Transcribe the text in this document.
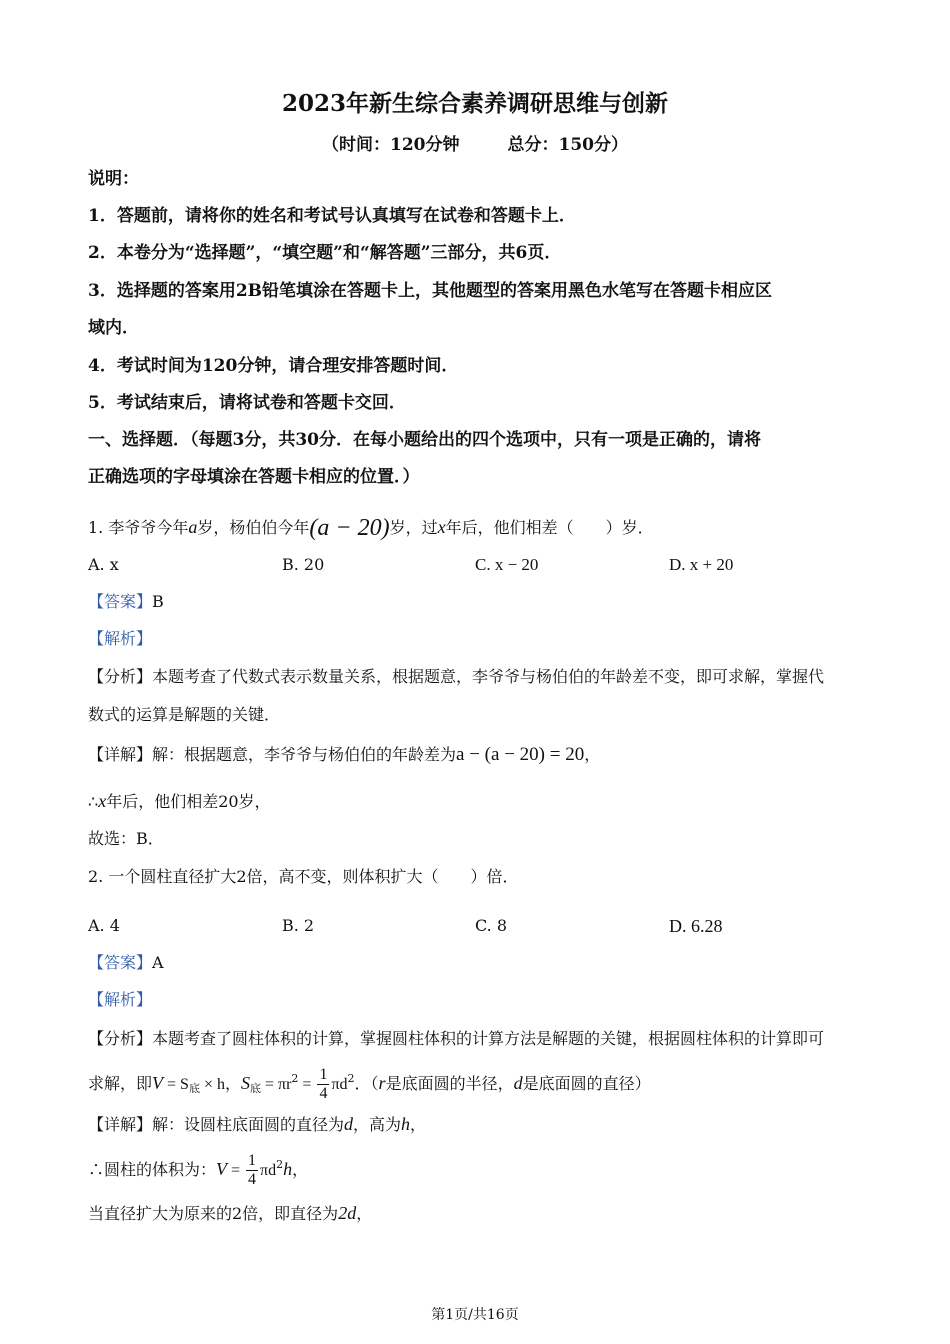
2023年新生综合素养调研思维与创新
（时间：120分钟	总分：150分）
说明：
1．答题前，请将你的姓名和考试号认真填写在试卷和答题卡上．
2．本卷分为“选择题”，“填空题”和“解答题”三部分，共6页．
3．选择题的答案用2B铅笔填涂在答题卡上，其他题型的答案用黑色水笔写在答题卡相应区
域内．
4．考试时间为120分钟，请合理安排答题时间．
5．考试结束后，请将试卷和答题卡交回．
一、选择题．（每题3分，共30分．在每小题给出的四个选项中，只有一项是正确的，请将
正确选项的字母填涂在答题卡相应的位置．）
1. 李爷爷今年a岁，杨伯伯今年(a − 20)岁，过x年后，他们相差（　　）岁．
A. x	B. 20	C. x − 20	D. x + 20
【答案】B
【解析】
【分析】本题考查了代数式表示数量关系，根据题意，李爷爷与杨伯伯的年龄差不变，即可求解，掌握代
数式的运算是解题的关键．
【详解】解：根据题意，李爷爷与杨伯伯的年龄差为a − (a − 20) = 20，
∴x年后，他们相差20岁，
故选：B．
2. 一个圆柱直径扩大2倍，高不变，则体积扩大（　　）倍．
A. 4	B. 2	C. 8	D. 6.28
【答案】A
【解析】
【分析】本题考查了圆柱体积的计算，掌握圆柱体积的计算方法是解题的关键，根据圆柱体积的计算即可
求解，即$V = S_底 \times h$，$S_底 = \pi r^2 = \frac{1}{4} \pi d^2$．（r是底面圆的半径，d是底面圆的直径）
【详解】解：设圆柱底面圆的直径为d，高为h，
∴圆柱的体积为：$V = \frac{1}{4} \pi d^2h$，
当直径扩大为原来的2倍，即直径为2d，
第1页/共16页
